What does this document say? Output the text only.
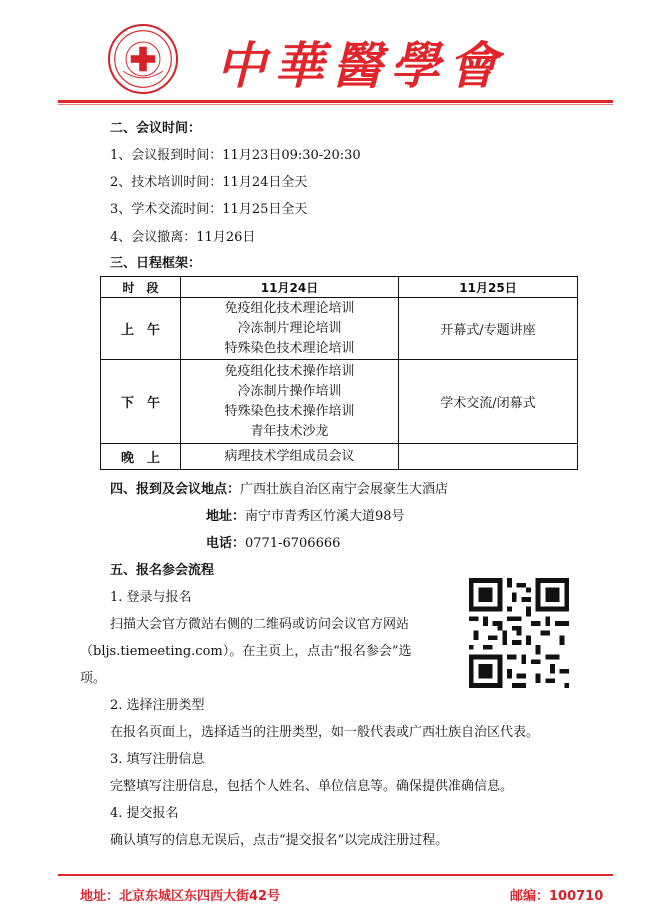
中華醫學會
二、会议时间：
1、会议报到时间：11月23日09:30-20:30
2、技术培训时间：11月24日全天
3、学术交流时间：11月25日全天
4、会议撤离：11月26日
三、日程框架：
时　段	11月24日	11月25日
上　午	免疫组化技术理论培训
冷冻制片理论培训
特殊染色技术理论培训	开幕式/专题讲座
下　午	免疫组化技术操作培训
冷冻制片操作培训
特殊染色技术操作培训
青年技术沙龙	学术交流/闭幕式
晚　上	病理技术学组成员会议	

四、报到及会议地点：广西壮族自治区南宁会展豪生大酒店
地址：南宁市青秀区竹溪大道98号
电话：0771-6706666
五、报名参会流程
1. 登录与报名
扫描大会官方微站右侧的二维码或访问会议官方网站
（bljs.tiemeeting.com）。在主页上，点击“报名参会”选
项。
2. 选择注册类型
在报名页面上，选择适当的注册类型，如一般代表或广西壮族自治区代表。
3. 填写注册信息
完整填写注册信息，包括个人姓名、单位信息等。确保提供准确信息。
4. 提交报名
确认填写的信息无误后，点击“提交报名”以完成注册过程。
地址：北京东城区东四西大街42号	邮编：100710
